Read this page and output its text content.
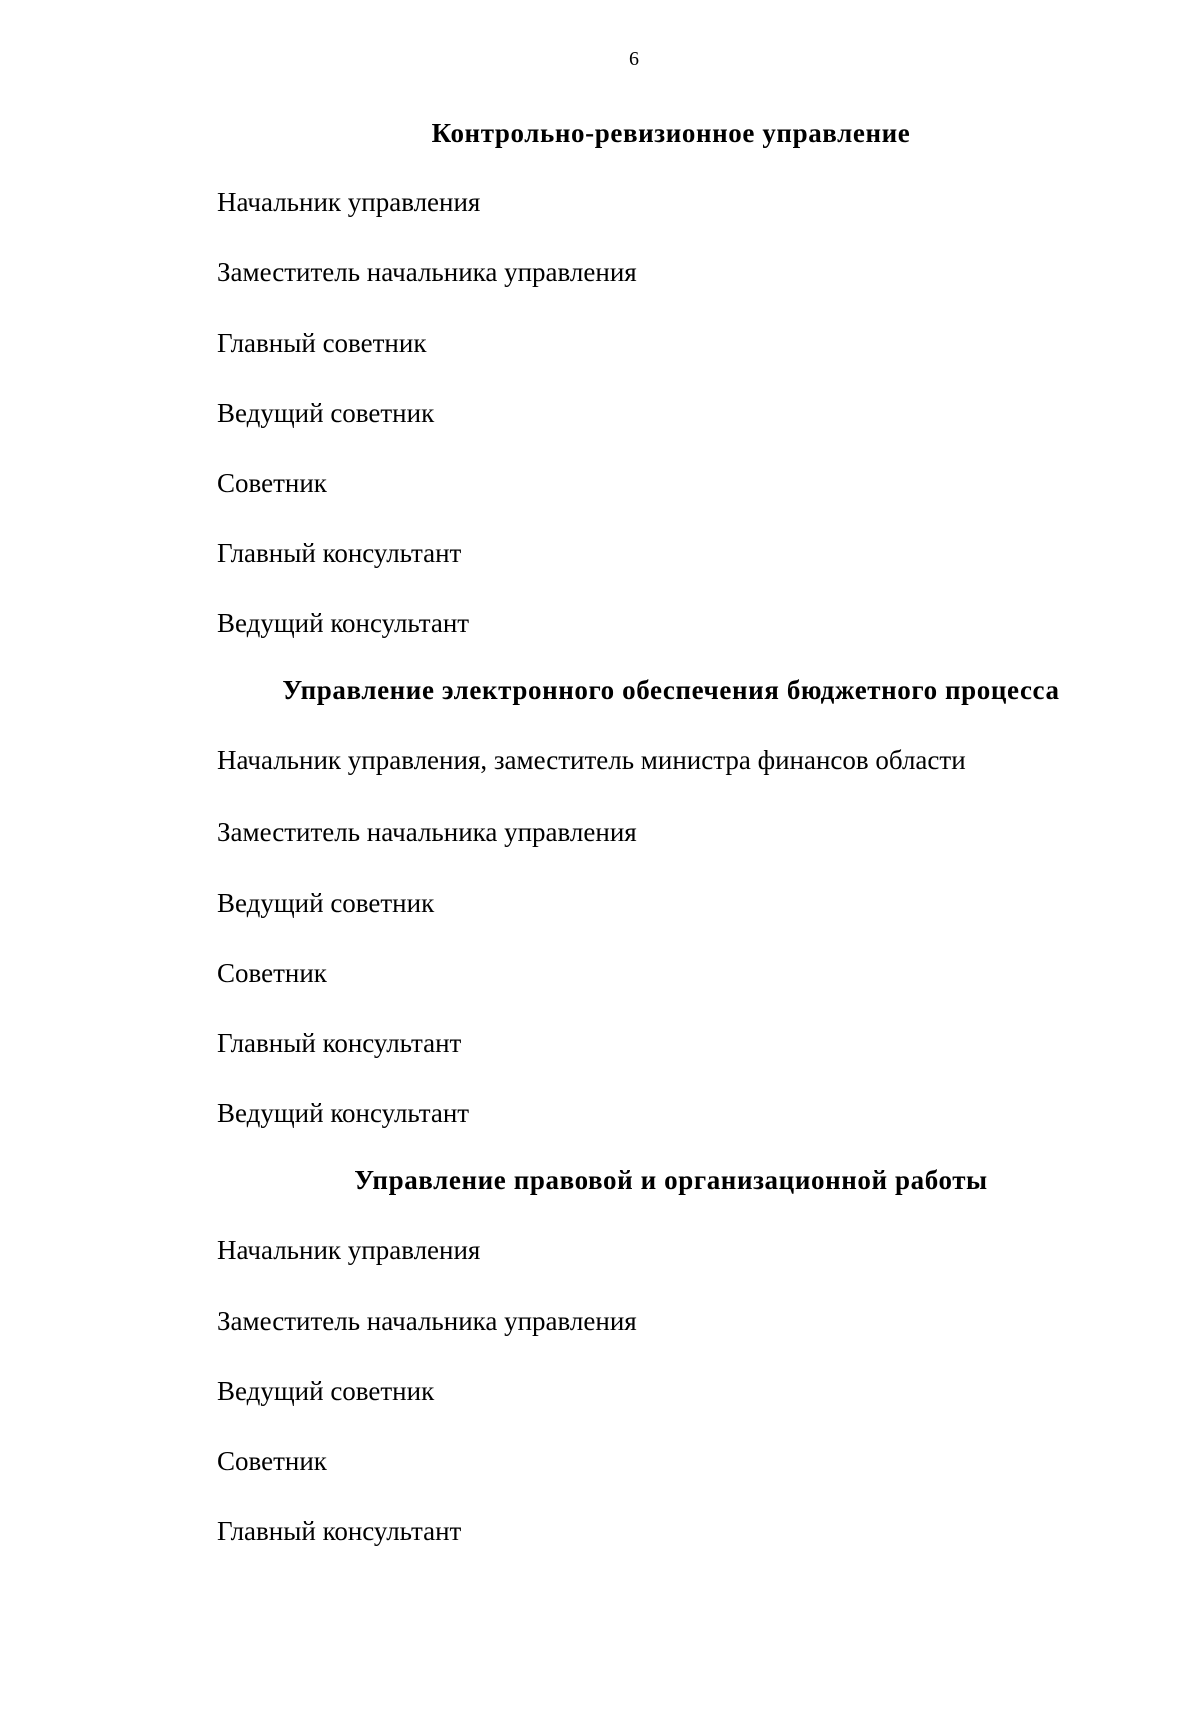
6
Контрольно-ревизионное управление
Начальник управления
Заместитель начальника управления
Главный советник
Ведущий советник
Советник
Главный консультант
Ведущий консультант
Управление электронного обеспечения бюджетного процесса
Начальник управления, заместитель министра финансов области
Заместитель начальника управления
Ведущий советник
Советник
Главный консультант
Ведущий консультант
Управление правовой и организационной работы
Начальник управления
Заместитель начальника управления
Ведущий советник
Советник
Главный консультант
